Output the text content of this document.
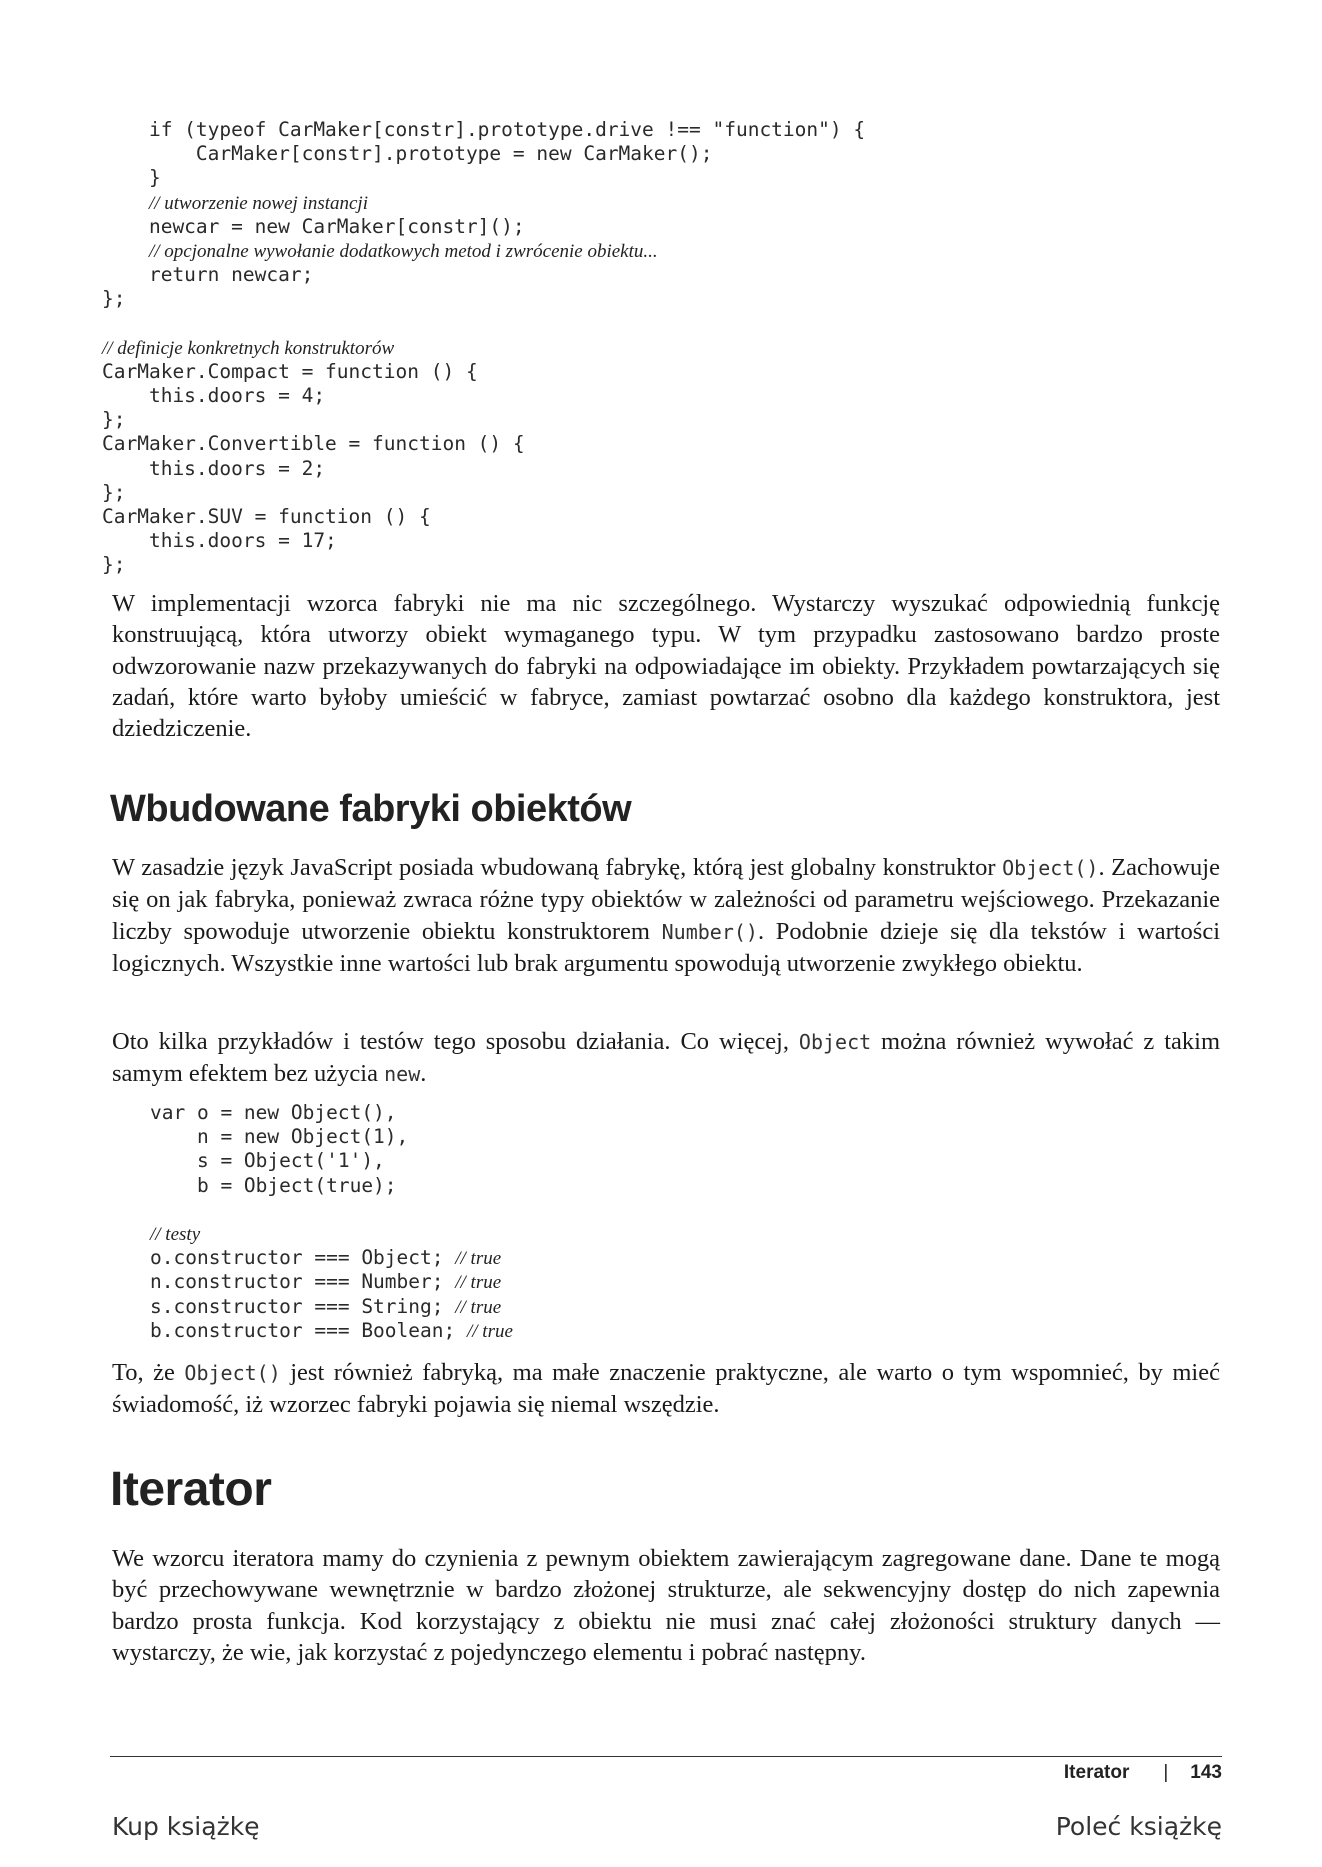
if (typeof CarMaker[constr].prototype.drive !== "function") {
CarMaker[constr].prototype = new CarMaker();
}
// utworzenie nowej instancji
newcar = new CarMaker[constr]();
// opcjonalne wywołanie dodatkowych metod i zwrócenie obiektu...
return newcar;
};
// definicje konkretnych konstruktorów
CarMaker.Compact = function () {
this.doors = 4;
};
CarMaker.Convertible = function () {
this.doors = 2;
};
CarMaker.SUV = function () {
this.doors = 17;
};

W implementacji wzorca fabryki nie ma nic szczególnego. Wystarczy wyszukać odpowiednią funkcję konstruującą, która utworzy obiekt wymaganego typu. W tym przypadku zastosowano bardzo proste odwzorowanie nazw przekazywanych do fabryki na odpowiadające im obiekty. Przykładem powtarzających się zadań, które warto byłoby umieścić w fabryce, zamiast powtarzać osobno dla każdego konstruktora, jest dziedziczenie.

Wbudowane fabryki obiektów

W zasadzie język JavaScript posiada wbudowaną fabrykę, którą jest globalny konstruktor Object(). Zachowuje się on jak fabryka, ponieważ zwraca różne typy obiektów w zależności od parametru wejściowego. Przekazanie liczby spowoduje utworzenie obiektu konstruktorem Number(). Podobnie dzieje się dla tekstów i wartości logicznych. Wszystkie inne wartości lub brak argumentu spowodują utworzenie zwykłego obiektu.

Oto kilka przykładów i testów tego sposobu działania. Co więcej, Object można również wywołać z takim samym efektem bez użycia new.

var o = new Object(),
n = new Object(1),
s = Object('1'),
b = Object(true);
// testy
o.constructor === Object; // true
n.constructor === Number; // true
s.constructor === String; // true
b.constructor === Boolean; // true

To, że Object() jest również fabryką, ma małe znaczenie praktyczne, ale warto o tym wspomnieć, by mieć świadomość, iż wzorzec fabryki pojawia się niemal wszędzie.

Iterator

We wzorcu iteratora mamy do czynienia z pewnym obiektem zawierającym zagregowane dane. Dane te mogą być przechowywane wewnętrznie w bardzo złożonej strukturze, ale sekwencyjny dostęp do nich zapewnia bardzo prosta funkcja. Kod korzystający z obiektu nie musi znać całej złożoności struktury danych — wystarczy, że wie, jak korzystać z pojedynczego elementu i pobrać następny.

Iterator | 143

Kup książkę	Poleć książkę
